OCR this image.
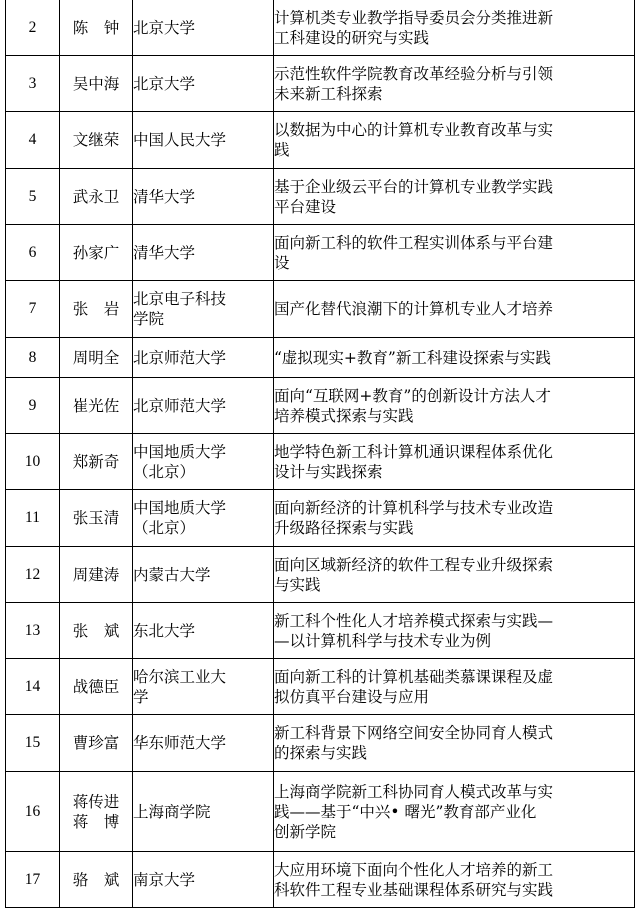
2	陈　钟	北京大学	计算机类专业教学指导委员会分类推进新
工科建设的研究与实践
3	吴中海	北京大学	示范性软件学院教育改革经验分析与引领
未来新工科探索
4	文继荣	中国人民大学	以数据为中心的计算机专业教育改革与实
践
5	武永卫	清华大学	基于企业级云平台的计算机专业教学实践
平台建设
6	孙家广	清华大学	面向新工科的软件工程实训体系与平台建
设
7	张　岩	北京电子科技
学院	国产化替代浪潮下的计算机专业人才培养
8	周明全	北京师范大学	“虚拟现实+教育”新工科建设探索与实践
9	崔光佐	北京师范大学	面向“互联网+教育”的创新设计方法人才
培养模式探索与实践
10	郑新奇	中国地质大学
（北京）	地学特色新工科计算机通识课程体系优化
设计与实践探索
11	张玉清	中国地质大学
（北京）	面向新经济的计算机科学与技术专业改造
升级路径探索与实践
12	周建涛	内蒙古大学	面向区域新经济的软件工程专业升级探索
与实践
13	张　斌	东北大学	新工科个性化人才培养模式探索与实践—
—以计算机科学与技术专业为例
14	战德臣	哈尔滨工业大
学	面向新工科的计算机基础类慕课课程及虚
拟仿真平台建设与应用
15	曹珍富	华东师范大学	新工科背景下网络空间安全协同育人模式
的探索与实践
16	蒋传进
蒋　博	上海商学院	上海商学院新工科协同育人模式改革与实
践——基于“中兴• 曙光”教育部产业化
创新学院
17	骆　斌	南京大学	大应用环境下面向个性化人才培养的新工
科软件工程专业基础课程体系研究与实践
